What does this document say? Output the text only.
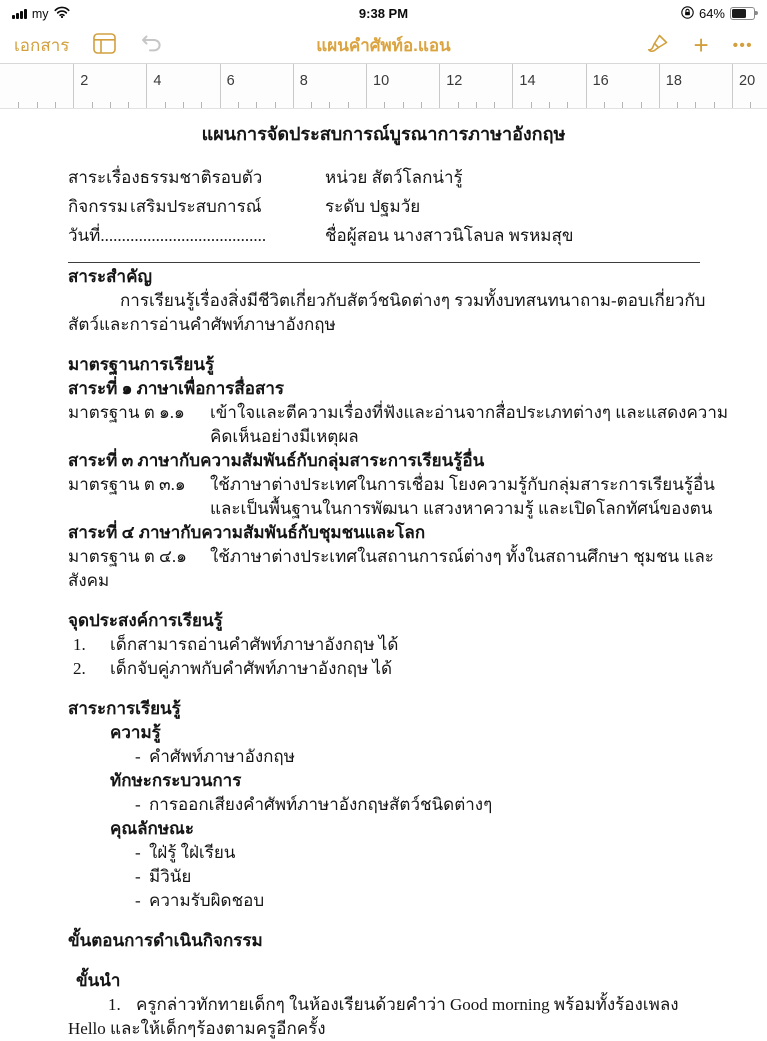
my	9:38 PM	64%
เอกสาร	แผนคำศัพท์อ.แอน	+ •••
2	4	6	8	10	12	14	16	18	20
แผนการจัดประสบการณ์บูรณาการภาษาอังกฤษ
สาระเรื่องธรรมชาติรอบตัว	หน่วย สัตว์โลกน่ารู้
กิจกรรม เสริมประสบการณ์	ระดับ ปฐมวัย
วันที่.......................................	ชื่อผู้สอน นางสาวนิโลบล พรหมสุข
สาระสำคัญ
การเรียนรู้เรื่องสิ่งมีชีวิตเกี่ยวกับสัตว์ชนิดต่างๆ รวมทั้งบทสนทนาถาม-ตอบเกี่ยวกับ
สัตว์และการอ่านคำศัพท์ภาษาอังกฤษ
มาตรฐานการเรียนรู้
สาระที่ ๑ ภาษาเพื่อการสื่อสาร
มาตรฐาน ต ๑.๑	เข้าใจและตีความเรื่องที่ฟังและอ่านจากสื่อประเภทต่างๆ และแสดงความ
คิดเห็นอย่างมีเหตุผล
สาระที่ ๓ ภาษากับความสัมพันธ์กับกลุ่มสาระการเรียนรู้อื่น
มาตรฐาน ต ๓.๑	ใช้ภาษาต่างประเทศในการเชื่อม โยงความรู้กับกลุ่มสาระการเรียนรู้อื่น
และเป็นพื้นฐานในการพัฒนา แสวงหาความรู้ และเปิดโลกทัศน์ของตน
สาระที่ ๔ ภาษากับความสัมพันธ์กับชุมชนและโลก
มาตรฐาน ต ๔.๑	ใช้ภาษาต่างประเทศในสถานการณ์ต่างๆ ทั้งในสถานศึกษา ชุมชน และ
สังคม
จุดประสงค์การเรียนรู้
1.	เด็กสามารถอ่านคำศัพท์ภาษาอังกฤษ ได้
2.	เด็กจับคู่ภาพกับคำศัพท์ภาษาอังกฤษ ได้
สาระการเรียนรู้
ความรู้
- คำศัพท์ภาษาอังกฤษ
ทักษะกระบวนการ
- การออกเสียงคำศัพท์ภาษาอังกฤษสัตว์ชนิดต่างๆ
คุณลักษณะ
- ใฝ่รู้ ใฝ่เรียน
- มีวินัย
- ความรับผิดชอบ
ขั้นตอนการดำเนินกิจกรรม
ขั้นนำ
1. ครูกล่าวทักทายเด็กๆ ในห้องเรียนด้วยคำว่า Good morning พร้อมทั้งร้องเพลง
Hello และให้เด็กๆร้องตามครูอีกครั้ง
